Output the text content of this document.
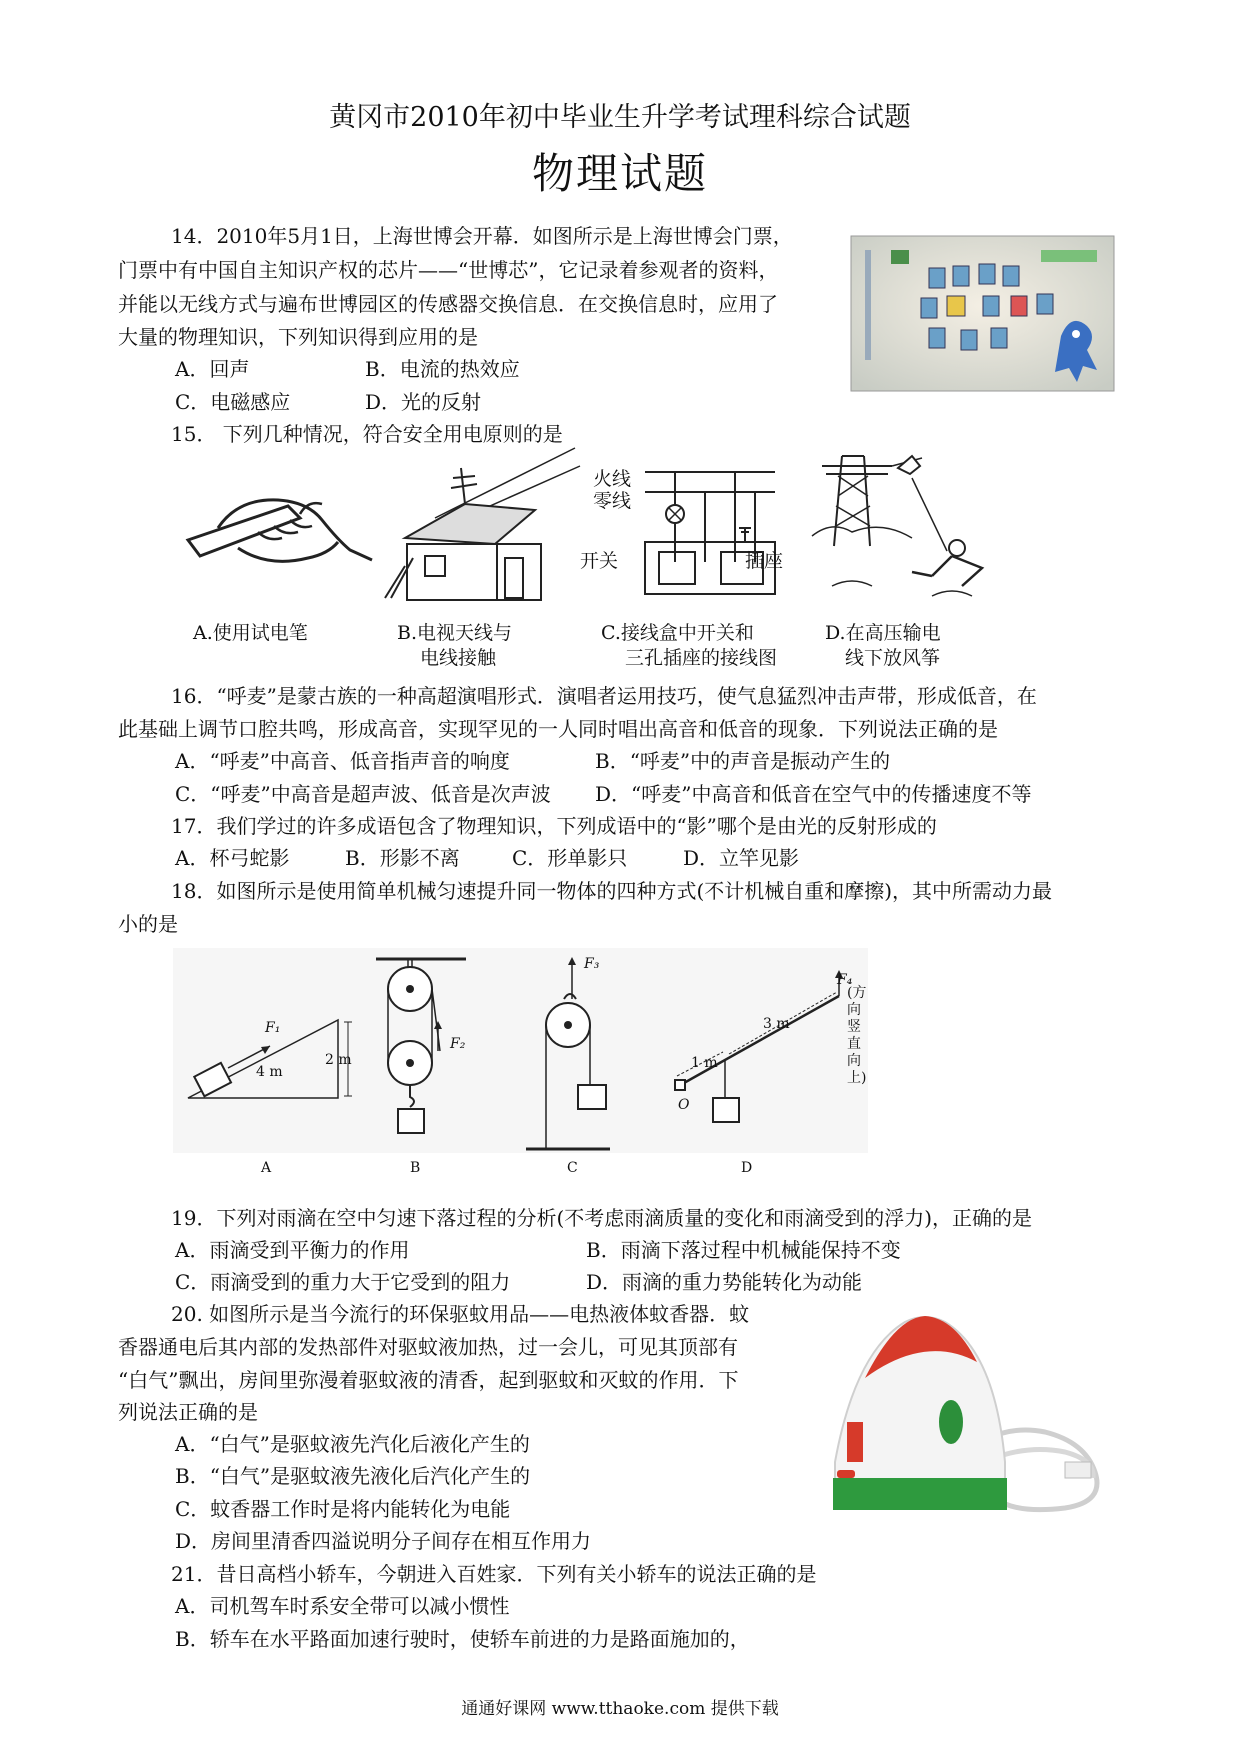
黄冈市2010年初中毕业生升学考试理科综合试题
物理试题
14．2010年5月1日，上海世博会开幕．如图所示是上海世博会门票，
门票中有中国自主知识产权的芯片——“世博芯”，它记录着参观者的资料，
并能以无线方式与遍布世博园区的传感器交换信息．在交换信息时，应用了
大量的物理知识，下列知识得到应用的是
A．回声	B．电流的热效应
C．电磁感应	D．光的反射
15． 下列几种情况，符合安全用电原则的是
A.使用试电笔	B.电视天线与
电线接触
火线
零线
开关	插座
C.接线盒中开关和
三孔插座的接线图
D.在高压输电
线下放风筝
16．“呼麦”是蒙古族的一种高超演唱形式．演唱者运用技巧，使气息猛烈冲击声带，形成低音，在
此基础上调节口腔共鸣，形成高音，实现罕见的一人同时唱出高音和低音的现象．下列说法正确的是
A．“呼麦”中高音、低音指声音的响度	B．“呼麦”中的声音是振动产生的
C．“呼麦”中高音是超声波、低音是次声波 D．“呼麦”中高音和低音在空气中的传播速度不等
17．我们学过的许多成语包含了物理知识，下列成语中的“影”哪个是由光的反射形成的
A．杯弓蛇影	B．形影不离	C．形单影只	D．立竿见影
18．如图所示是使用简单机械匀速提升同一物体的四种方式(不计机械自重和摩擦)，其中所需动力最
小的是
F₁
4 m
2 m
A
F₂
B
F₃
C
F₄
3 m
1 m
O
(方向竖直向上)
D
19．下列对雨滴在空中匀速下落过程的分析(不考虑雨滴质量的变化和雨滴受到的浮力)，正确的是
A．雨滴受到平衡力的作用	B．雨滴下落过程中机械能保持不变
C．雨滴受到的重力大于它受到的阻力	D．雨滴的重力势能转化为动能
20. 如图所示是当今流行的环保驱蚊用品——电热液体蚊香器．蚊
香器通电后其内部的发热部件对驱蚊液加热，过一会儿，可见其顶部有
“白气”飘出，房间里弥漫着驱蚊液的清香，起到驱蚊和灭蚊的作用．下
列说法正确的是
A．“白气”是驱蚊液先汽化后液化产生的
B．“白气”是驱蚊液先液化后汽化产生的
C．蚊香器工作时是将内能转化为电能
D．房间里清香四溢说明分子间存在相互作用力
21．昔日高档小轿车，今朝进入百姓家．下列有关小轿车的说法正确的是
A．司机驾车时系安全带可以减小惯性
B．轿车在水平路面加速行驶时，使轿车前进的力是路面施加的，
通通好课网 www.tthaoke.com 提供下载
